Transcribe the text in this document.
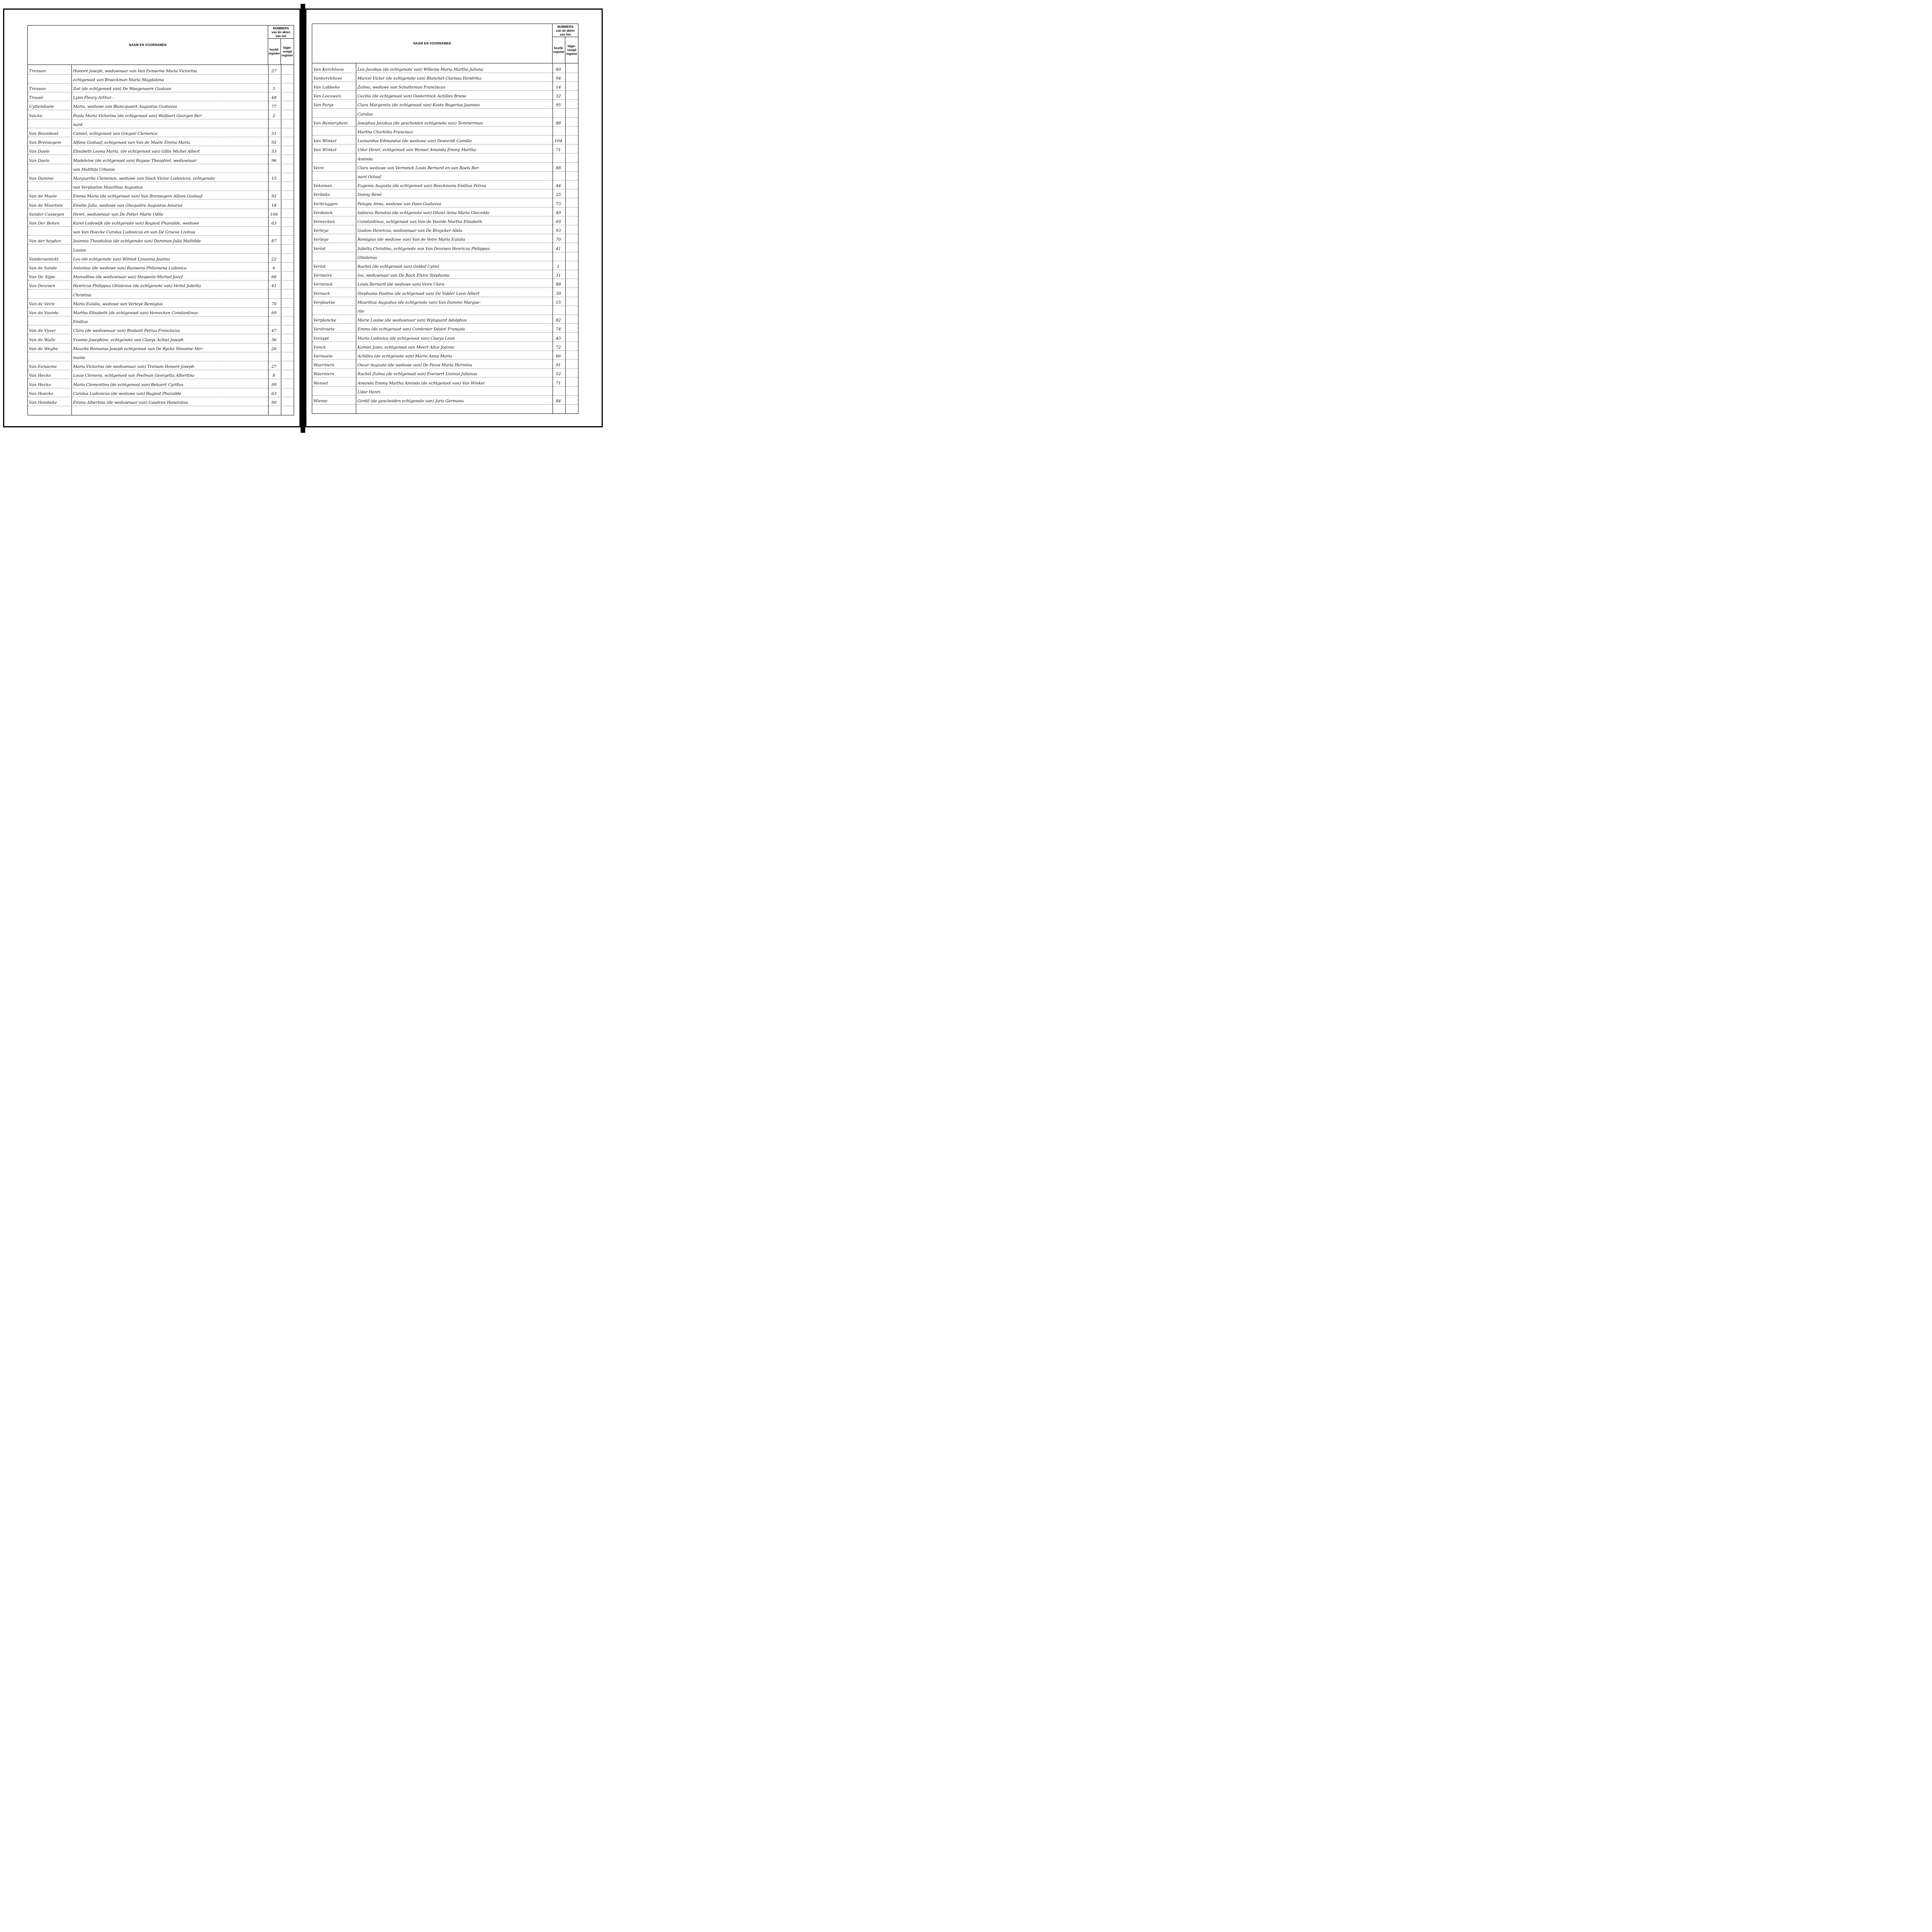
NAAM EN VOORNAMEN
NUMMERS
van de akten
van het
hoofd-
register
bijge-
voegd
register
Trenson	Honoré Joseph, weduwnaar van Van Eenaeme Maria Victorina	27
echtgenoot van Braeckman Maria Magdalena
Trenson	Zoë (de echtgenoot van) De Waegenaere Gustave	5
Trousé	Lynn Fleury Arthur -	48
Uyttendaele	Maria, weduwe van Blancquaert Augustus Gustavus	77
Valcke	Paula Maria Victorina (de echtgenoot van) Walfaert Georges Ber-	2
nard.
Van Boumbost	Camiel, echtgenoot van Gregoir Clemence	51
Van Brensegem	Alfons Gustaaf, echtgenoot van Van de Maele Emma Maria	92
Van Daele	Elisabeth Leona Maria, (de echtgenoot van) Gillis Michel Albert	53
Van Daele	Madeleine (de echtgenoot van) Buysse Theophiel, weduwnaar	96
van Matthijs Urbanie
Van Damme	Marguerite Clemence, weduwe van Slock Victor Ludovicus, echtgenote	15
van Verplaetse Mauritius Augustus
Van de Maele	Emma Maria (de echtgenoot van) Van Brensegem Alfons Gustaaf	92
Van de Moortele	Emelie Julia, weduwe van Ghequière Augustus Amarus	18
Vander Casseyen	Henri, weduwnaar van De Potter Marie Odile	106
Van Der Beken	Karel Lodewijk (de echtgenote van) Rogiest Pharailde, weduwe	63
van Van Hoecke Carolus Ludovicus en van De Groeve Livinus
Van der heyden	Joannes Theodulius (de echtgenote van) Damman Julia Mathilde	87
Louise
Vanderaenickt	Leo (de echtgenote van) Wilmot Limanna Joanna	22
Van de Sande	Antonius (de weduwe van) Rauwens Philomena Ludovica	6
Van De Sijpe	Marcellina (de weduwnaar van) Hespeels Michiel Jozef	68
Van Deursen	Henricus Philippus Ghislenus (de echtgenote van) Verlot Julietta	41
Christina
Van de Veire	Maria Eulalia, weduwe van Verleye Remigius	70
Van de Voorde	Martha Elisabeth (de echtgenoot van) Vereecken Constantinus	69
Emilius
Van de Vyver	Clara (de weduwnaar van) Brabant Petrus Franciscus	47
Van de Walle	Yvonne Josephine, echtgenote van Claeys Achiel Joseph	36
Van de Weghe	Maurits Romanus Joseph echtgenoot van De Rycke Simonne Her-	26
manie
Van Eenaeme	Maria Victorina (de weduwnaar van) Trenson Honoré Joseph	27
Van Hecke	Louis Clemens, echtgenoot van Peelman Georgetta Albertina	8
Van Hecke	Maria Clementina (de echtgenoot van) Bekaert Cyrillus	99
Van Hoecke	Carolus Ludovicus (de weduwe van) Rogiest Pharailde	63
Van Holsbeke	Emma Albertina (de weduwnaar van) Caudron Honoratus	90
NAAM EN VOORNAMEN
NUMMERS
van de akten
van het
hoofd-
register
bijge-
voegd
register
Van Kerckhove	Leo Jacobus (de echtgenote van) Willems Maria Martha Juliana	80
Vankerckhove	Marcel Victor (de echtgenote van) Blanchet Clarissa Hendrika	94
Van Labbeke	Zulma, weduwe van Schatteman Franciscus	14
Van Leeuwen	Cecilia (de echtgenoot van) Oosterlinck Achilles Bruno	32
Van Parys	Clara Margareta (de echtgenoot van) Koste Rogerius Joannes	95
Carolus
Van Renterghem	Josephus Jacobus (de gescheiden echtgenote van) Temmerman	88
Martha Charlotta Francisca
Van Winkel	Leonardus Edmondus (de weduwe van) Deseerdt Camilla	104
Van Winkel	Udor Henri, echtgenoot van Wensel Amanda Emmy Martha	71
Aminda
Veire	Clara weduwe van Verminck Louis Bernard en van Roels Ber-	88
nard Octaaf
Vekeman	Eugenia Augusta (de echtgenoot van) Beeckmans Emilius Petrus	44
Verbeke	Danny René	25
Verbruggen	Pelagia Anna, weduwe van Daes Gustavus	73
Verdonck	Isidorus Renatus (de echtgenote van) Dhont Anna Maria Ghezelda	49
Vereecken	Constantinus, echtgenoot van Van de Voorde Martha Elisabeth	69
Verleye	Gaston Henricus, weduwnaar van De Bruycker Alida	93
Verleye	Remigius (de weduwe van) Van de Veire Maria Eulalia	70
Verlot	Julietta Christina, echtgenote van Van Deursen Henricus Philippus	41
Ghislenus
Verlot	Rachel (de echtgenoot van) Geldof Cyriel	1
Vermeire	Ivo, weduwnaar van De Bock Elvira Stephania	31
Verminck	Louis Bernard (de weduwe van) Veire Clara	88
Vernack	Stephania Paulina (de echtgenoot van) De Volder Leon Albert	39
Verplaetse	Mauritius Augustus (de echtgenote van) Van Damme Margue-	15
rite
Verplancke	Marie Louise (de weduwnaar van) Wyngaard Adolphus	82
Verstraete	Emma (de echtgenoot van) Cordenier Désiré François	74
Vorsypt	Maria Ludovica (de echtgenoot van) Claeys Leon	43
Vonck	Kamiel Jules, echtgenoot van Meert Alice Joanna	72
Vormaele	Achilles (de echtgenote van) Marre Anna Maria	66
Waerniers	Oscar Auguste (de weduwe van) De Pauw Maria Hermina	91
Waerniers	Rachel Zulma (de echtgenoot van) Everaert Livinus Julianus	52
Wensel	Amanda Emmy Martha Aminda (de echtgenoot van) Van Winkel	71
Udor Henri.
Wieme	Gentil (de gescheiden echtgenote van) Joris Germana	84
